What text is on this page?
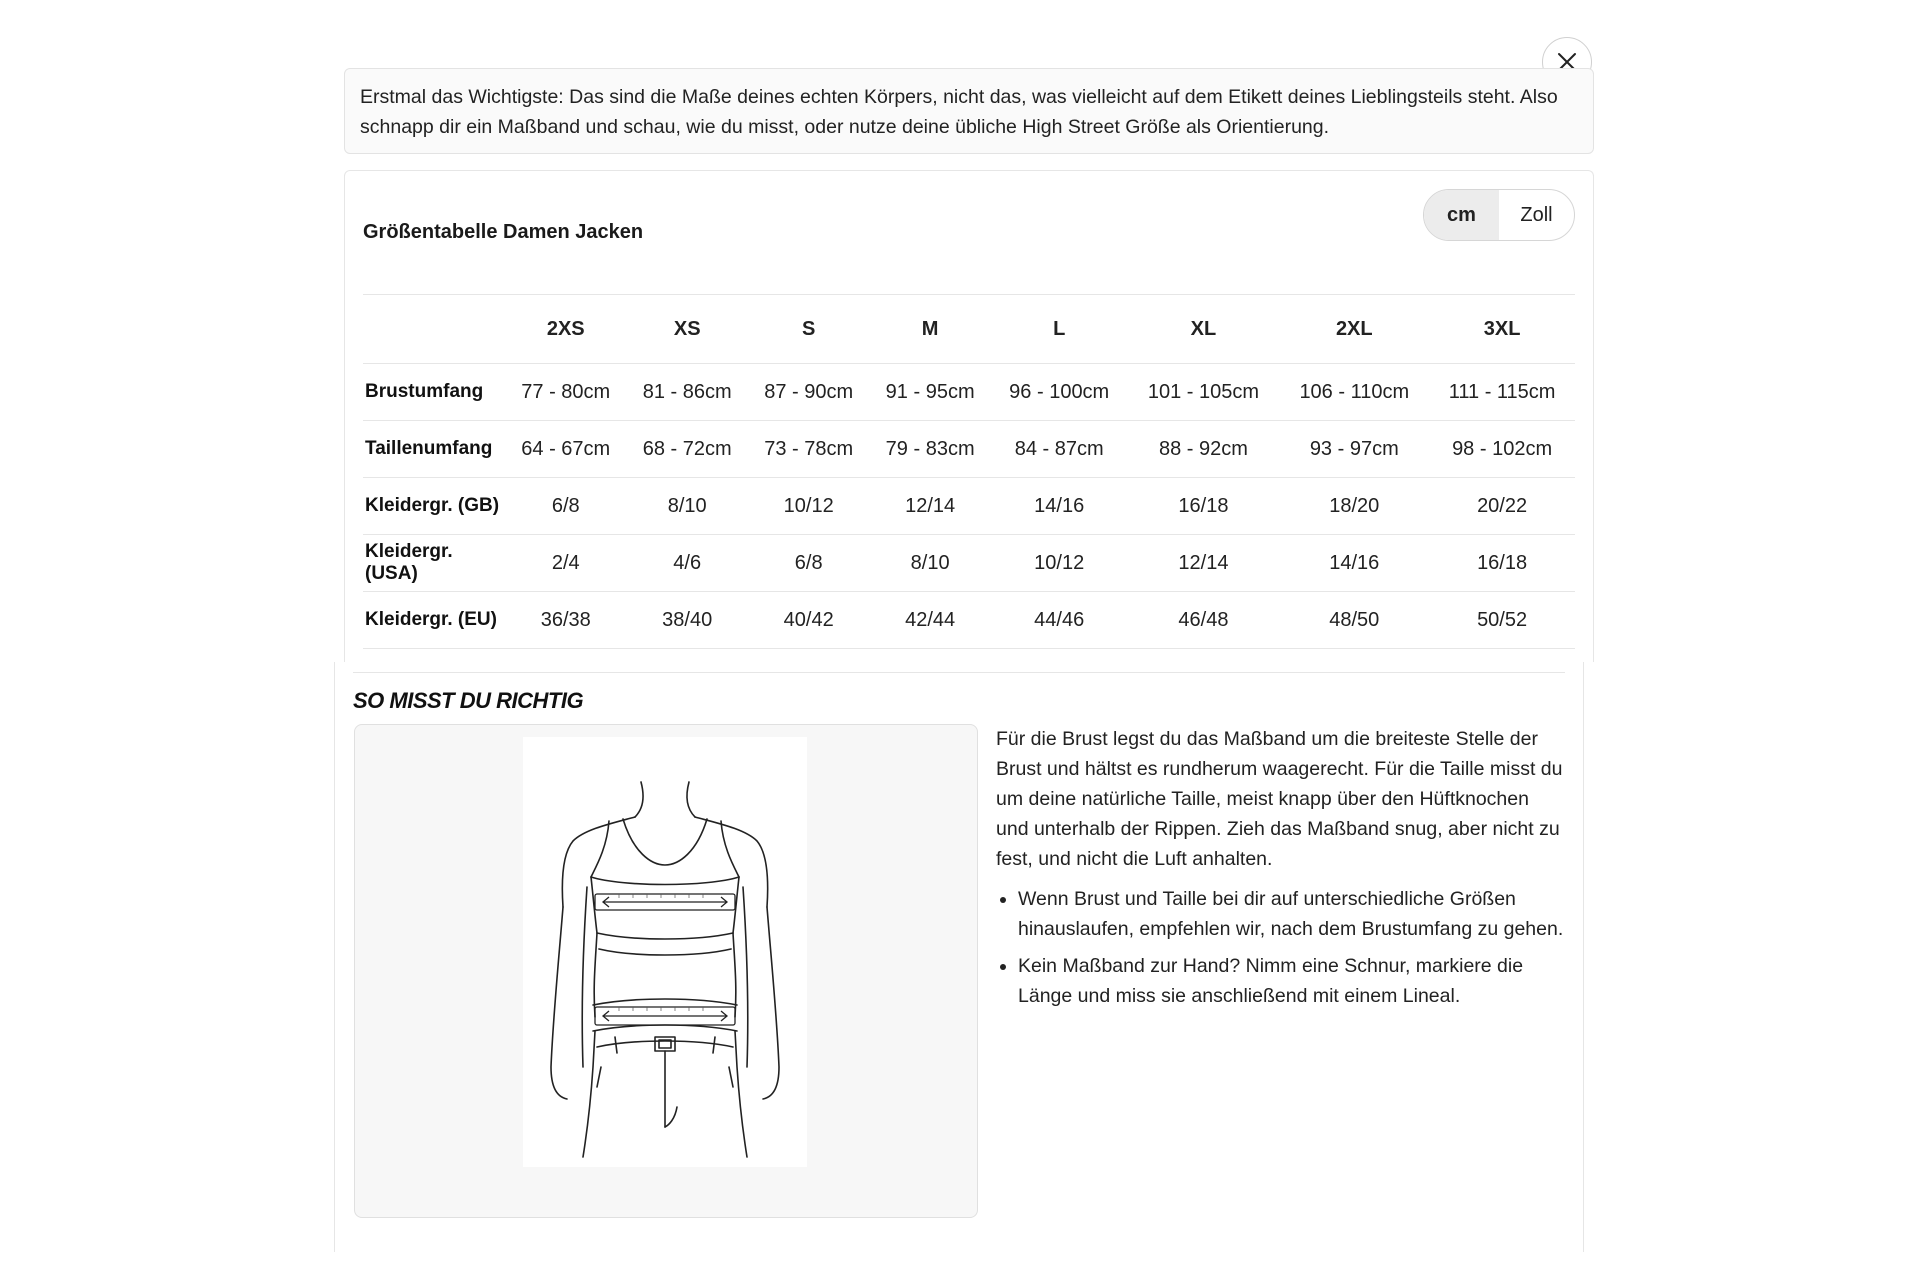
Erstmal das Wichtigste: Das sind die Maße deines echten Körpers, nicht das, was vielleicht auf dem Etikett deines Lieblingsteils steht. Also schnapp dir ein Maßband und schau, wie du misst, oder nutze deine übliche High Street Größe als Orientierung.
Größentabelle Damen Jacken
cm	Zoll
	2XS	XS	S	M	L	XL	2XL	3XL
Brustumfang	77 - 80cm	81 - 86cm	87 - 90cm	91 - 95cm	96 - 100cm	101 - 105cm	106 - 110cm	111 - 115cm
Taillenumfang	64 - 67cm	68 - 72cm	73 - 78cm	79 - 83cm	84 - 87cm	88 - 92cm	93 - 97cm	98 - 102cm
Kleidergr. (GB)	6/8	8/10	10/12	12/14	14/16	16/18	18/20	20/22
Kleidergr. (USA)	2/4	4/6	6/8	8/10	10/12	12/14	14/16	16/18
Kleidergr. (EU)	36/38	38/40	40/42	42/44	44/46	46/48	48/50	50/52
SO MISST DU RICHTIG

Für die Brust legst du das Maßband um die breiteste Stelle der Brust und hältst es rundherum waagerecht. Für die Taille misst du um deine natürliche Taille, meist knapp über den Hüftknochen und unterhalb der Rippen. Zieh das Maßband snug, aber nicht zu fest, und nicht die Luft anhalten.

• Wenn Brust und Taille bei dir auf unterschiedliche Größen hinauslaufen, empfehlen wir, nach dem Brustumfang zu gehen.
• Kein Maßband zur Hand? Nimm eine Schnur, markiere die Länge und miss sie anschließend mit einem Lineal.
